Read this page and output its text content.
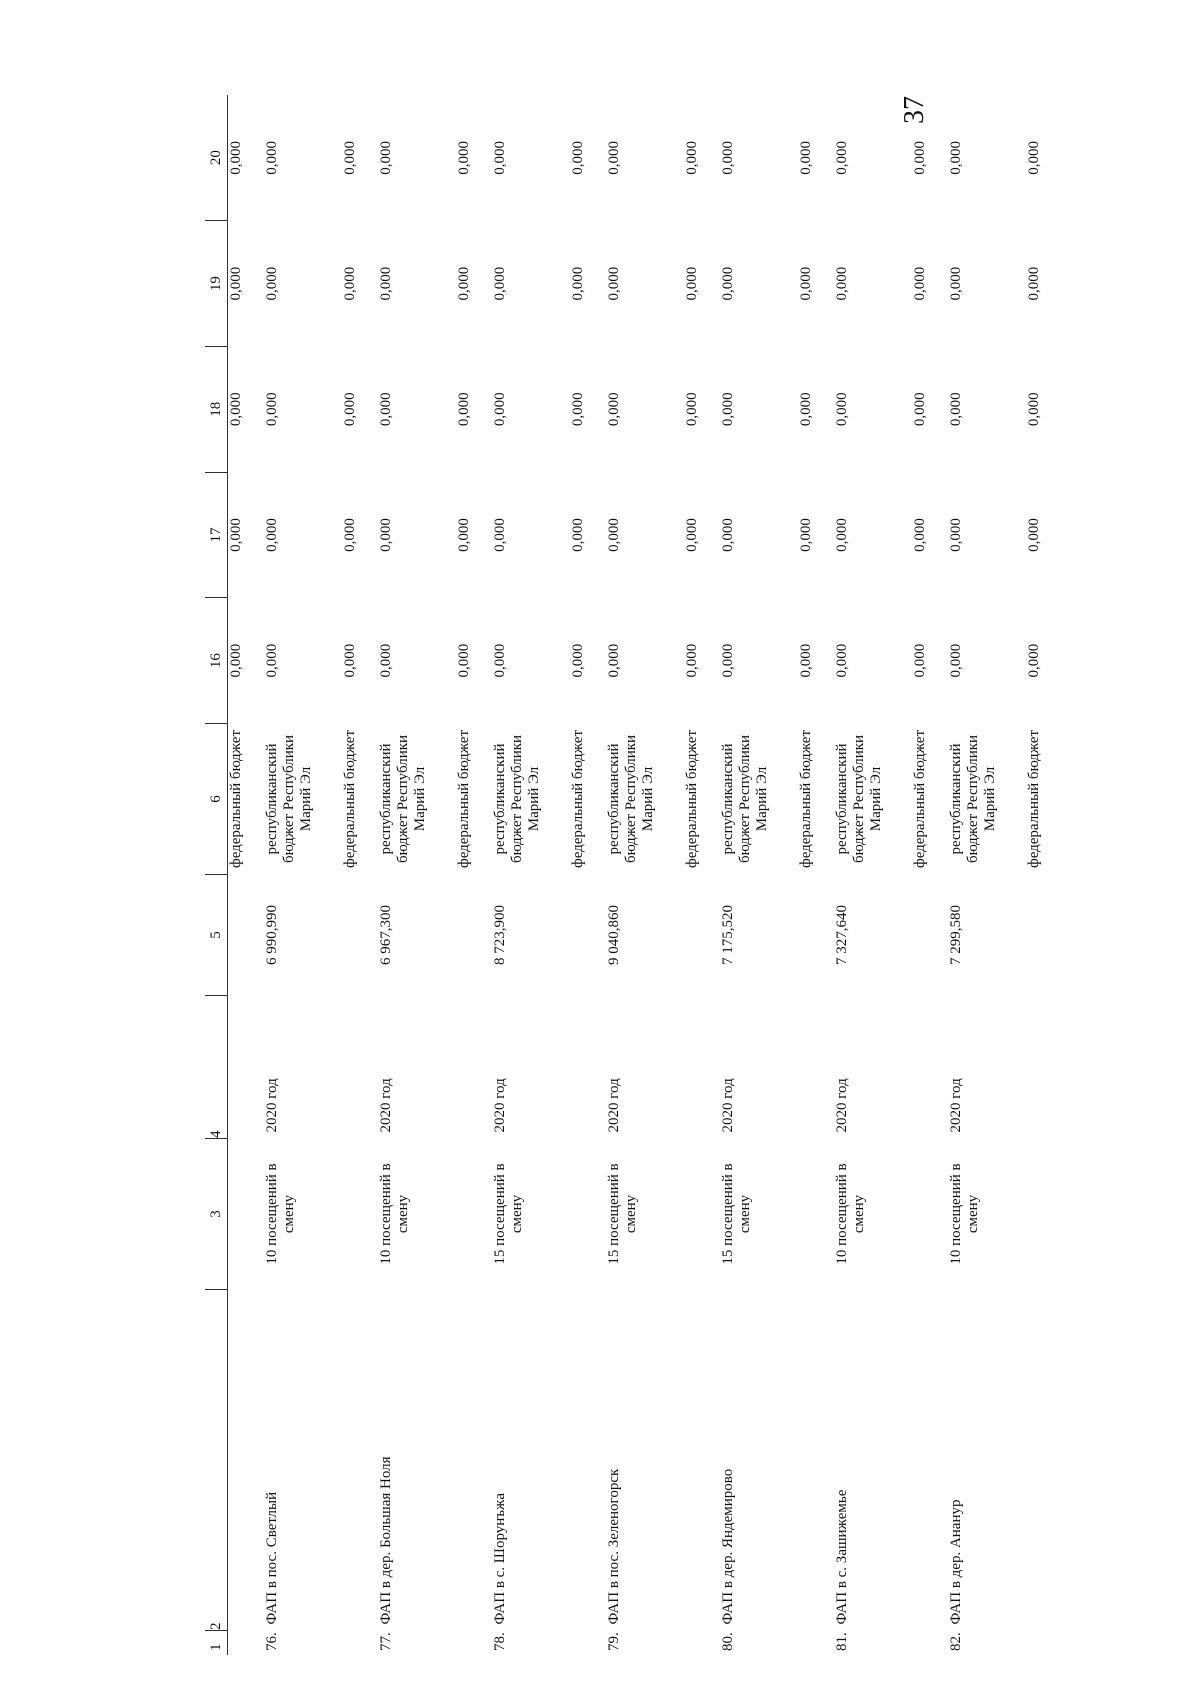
37
1	2	3	4	5	6	16	17	18	19	20
					федеральный бюджет	0,000	0,000	0,000	0,000	0,000
76.	ФАП в пос. Светлый	10 посещений в смену	2020 год	6 990,990	республиканский бюджет Республики Марий Эл	0,000	0,000	0,000	0,000	0,000
					федеральный бюджет	0,000	0,000	0,000	0,000	0,000
77.	ФАП в дер. Большая Ноля	10 посещений в смену	2020 год	6 967,300	республиканский бюджет Республики Марий Эл	0,000	0,000	0,000	0,000	0,000
					федеральный бюджет	0,000	0,000	0,000	0,000	0,000
78.	ФАП в с. Шорунъжа	15 посещений в смену	2020 год	8 723,900	республиканский бюджет Республики Марий Эл	0,000	0,000	0,000	0,000	0,000
					федеральный бюджет	0,000	0,000	0,000	0,000	0,000
79.	ФАП в пос. Зеленогорск	15 посещений в смену	2020 год	9 040,860	республиканский бюджет Республики Марий Эл	0,000	0,000	0,000	0,000	0,000
					федеральный бюджет	0,000	0,000	0,000	0,000	0,000
80.	ФАП в дер. Яндемирово	15 посещений в смену	2020 год	7 175,520	республиканский бюджет Республики Марий Эл	0,000	0,000	0,000	0,000	0,000
					федеральный бюджет	0,000	0,000	0,000	0,000	0,000
81.	ФАП в с. Зашижемье	10 посещений в смену	2020 год	7 327,640	республиканский бюджет Республики Марий Эл	0,000	0,000	0,000	0,000	0,000
					федеральный бюджет	0,000	0,000	0,000	0,000	0,000
82.	ФАП в дер. Ананур	10 посещений в смену	2020 год	7 299,580	республиканский бюджет Республики Марий Эл	0,000	0,000	0,000	0,000	0,000
					федеральный бюджет	0,000	0,000	0,000	0,000	0,000
